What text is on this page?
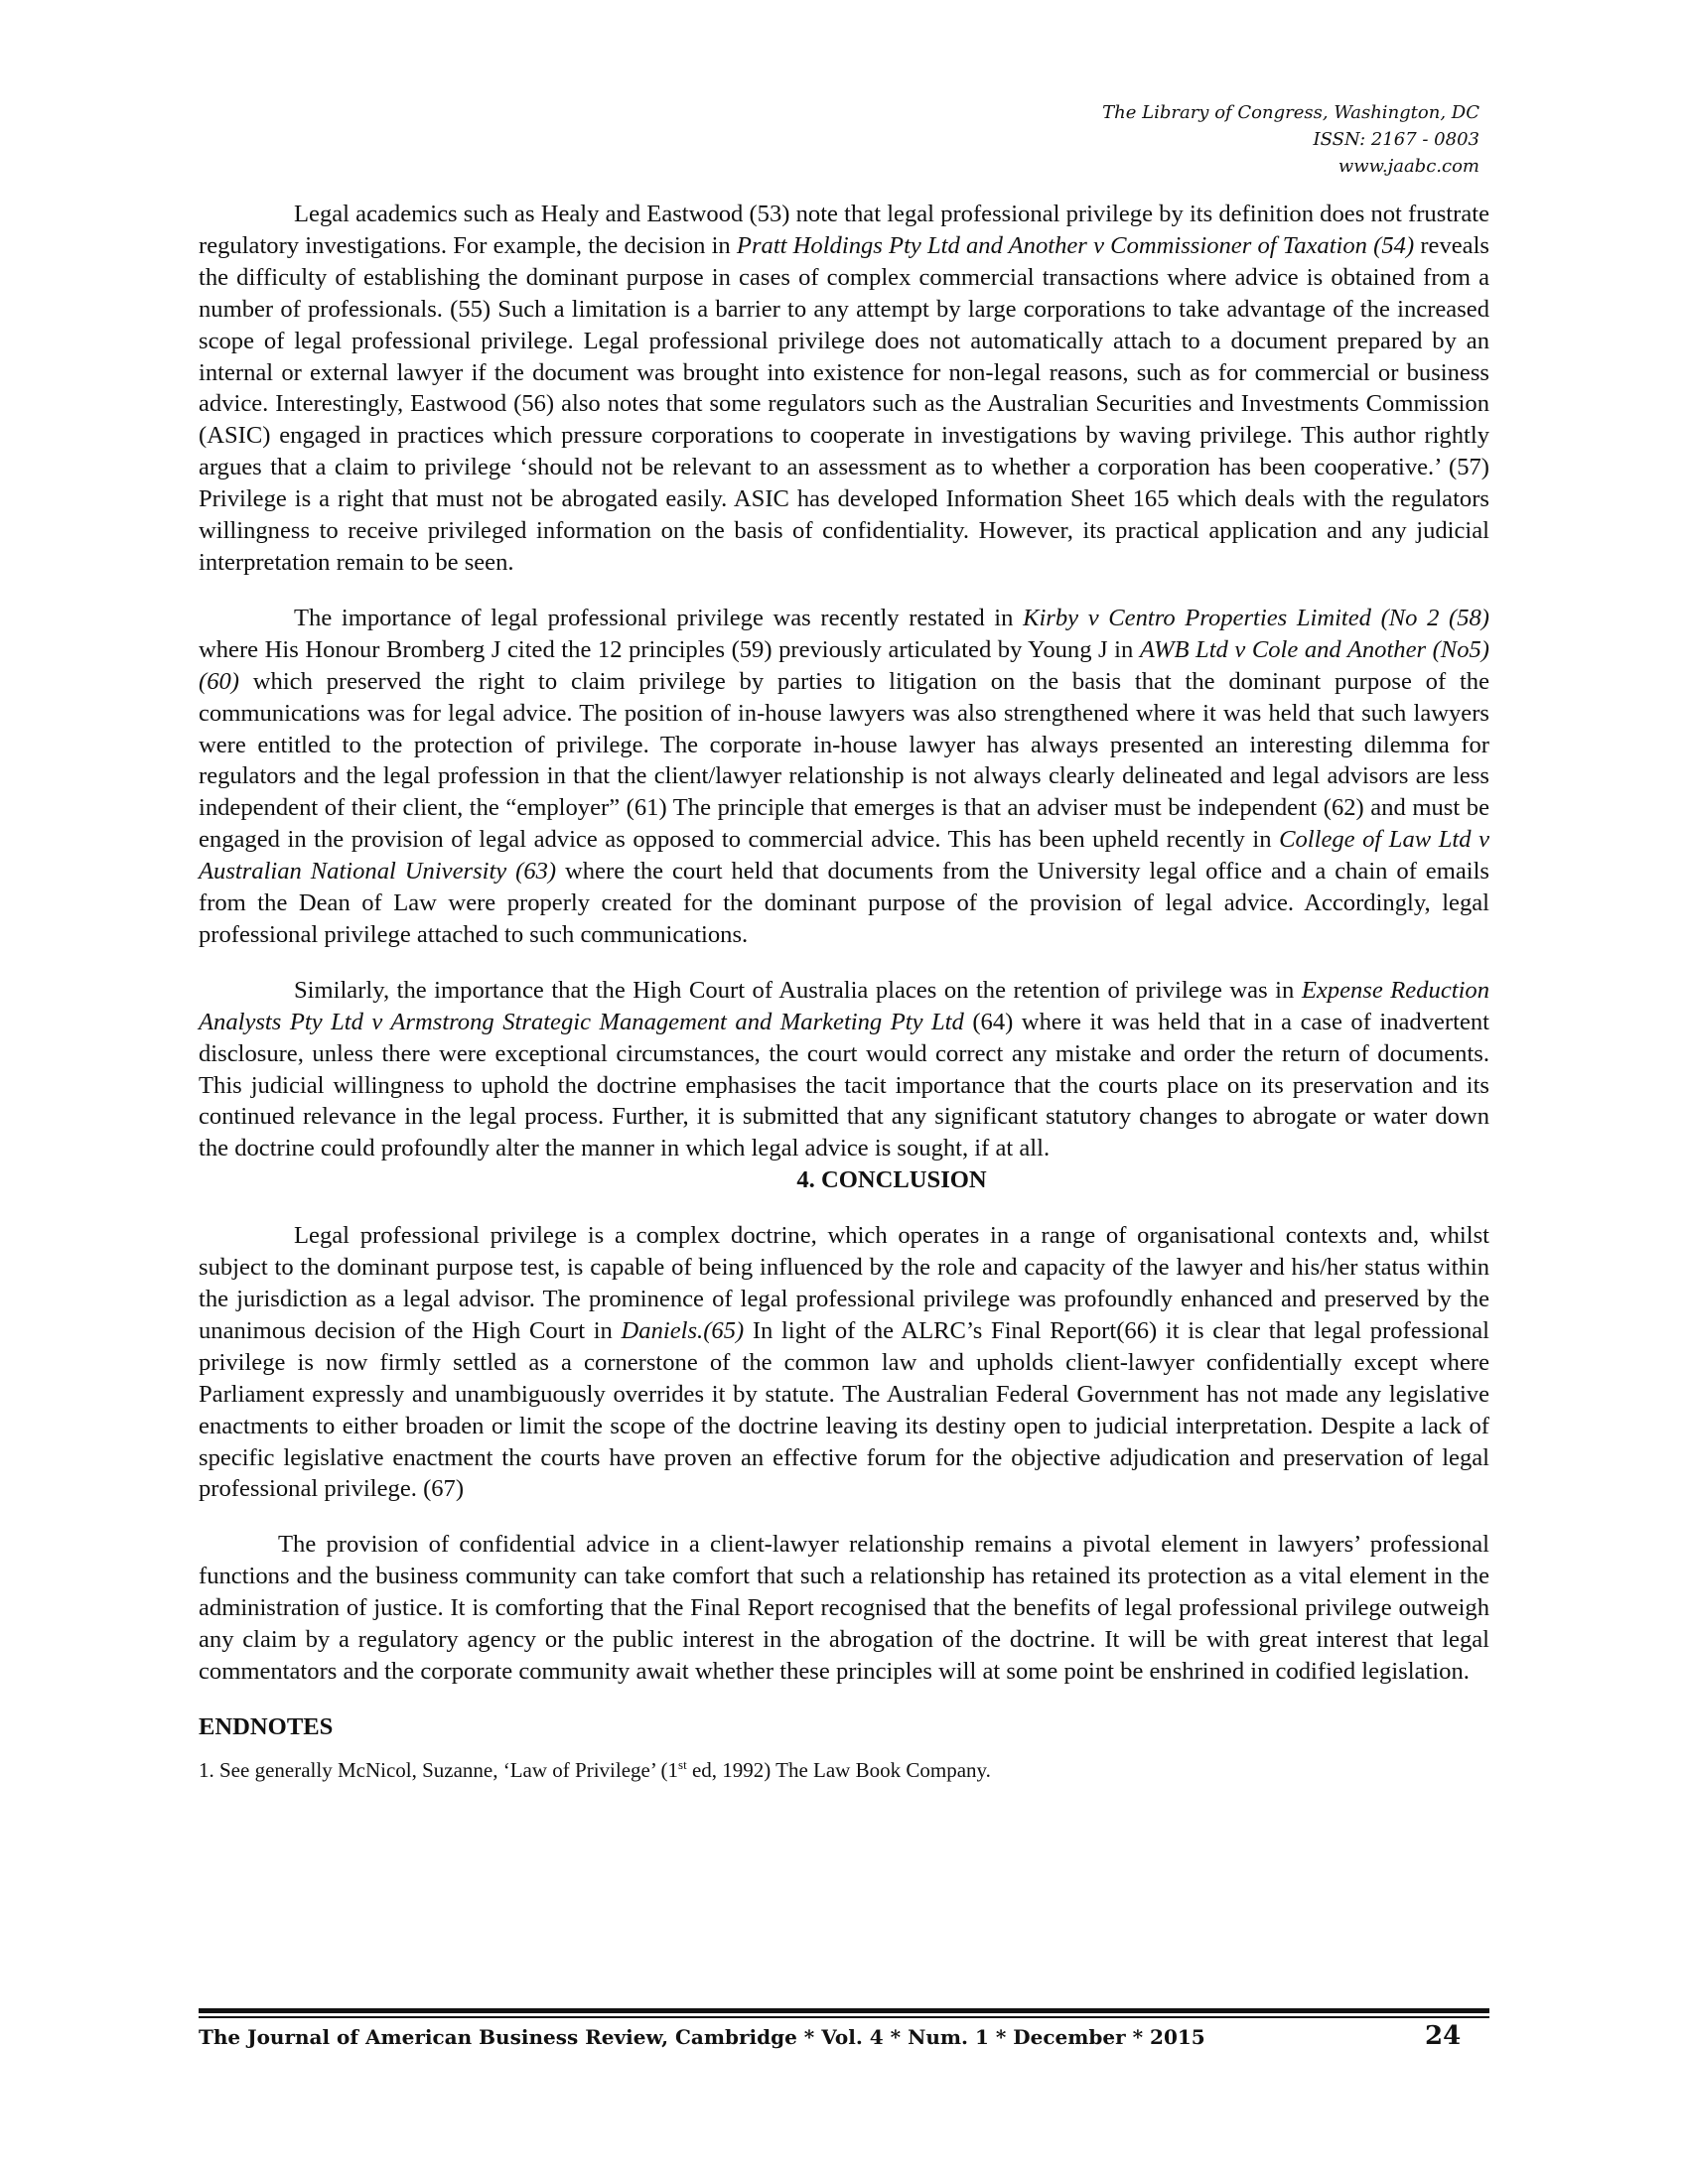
The Library of Congress, Washington, DC
ISSN: 2167 - 0803
www.jaabc.com

Legal academics such as Healy and Eastwood (53) note that legal professional privilege by its definition does not frustrate regulatory investigations. For example, the decision in Pratt Holdings Pty Ltd and Another v Commissioner of Taxation (54) reveals the difficulty of establishing the dominant purpose in cases of complex commercial transactions where advice is obtained from a number of professionals. (55) Such a limitation is a barrier to any attempt by large corporations to take advantage of the increased scope of legal professional privilege. Legal professional privilege does not automatically attach to a document prepared by an internal or external lawyer if the document was brought into existence for non-legal reasons, such as for commercial or business advice. Interestingly, Eastwood (56) also notes that some regulators such as the Australian Securities and Investments Commission (ASIC) engaged in practices which pressure corporations to cooperate in investigations by waving privilege. This author rightly argues that a claim to privilege ‘should not be relevant to an assessment as to whether a corporation has been cooperative.’ (57) Privilege is a right that must not be abrogated easily. ASIC has developed Information Sheet 165 which deals with the regulators willingness to receive privileged information on the basis of confidentiality. However, its practical application and any judicial interpretation remain to be seen.

The importance of legal professional privilege was recently restated in Kirby v Centro Properties Limited (No 2 (58) where His Honour Bromberg J cited the 12 principles (59) previously articulated by Young J in AWB Ltd v Cole and Another (No5) (60) which preserved the right to claim privilege by parties to litigation on the basis that the dominant purpose of the communications was for legal advice. The position of in-house lawyers was also strengthened where it was held that such lawyers were entitled to the protection of privilege. The corporate in-house lawyer has always presented an interesting dilemma for regulators and the legal profession in that the client/lawyer relationship is not always clearly delineated and legal advisors are less independent of their client, the “employer” (61) The principle that emerges is that an adviser must be independent (62) and must be engaged in the provision of legal advice as opposed to commercial advice. This has been upheld recently in College of Law Ltd v Australian National University (63) where the court held that documents from the University legal office and a chain of emails from the Dean of Law were properly created for the dominant purpose of the provision of legal advice. Accordingly, legal professional privilege attached to such communications.

Similarly, the importance that the High Court of Australia places on the retention of privilege was in Expense Reduction Analysts Pty Ltd v Armstrong Strategic Management and Marketing Pty Ltd (64) where it was held that in a case of inadvertent disclosure, unless there were exceptional circumstances, the court would correct any mistake and order the return of documents. This judicial willingness to uphold the doctrine emphasises the tacit importance that the courts place on its preservation and its continued relevance in the legal process. Further, it is submitted that any significant statutory changes to abrogate or water down the doctrine could profoundly alter the manner in which legal advice is sought, if at all.

4. CONCLUSION

Legal professional privilege is a complex doctrine, which operates in a range of organisational contexts and, whilst subject to the dominant purpose test, is capable of being influenced by the role and capacity of the lawyer and his/her status within the jurisdiction as a legal advisor. The prominence of legal professional privilege was profoundly enhanced and preserved by the unanimous decision of the High Court in Daniels.(65) In light of the ALRC’s Final Report(66) it is clear that legal professional privilege is now firmly settled as a cornerstone of the common law and upholds client-lawyer confidentially except where Parliament expressly and unambiguously overrides it by statute. The Australian Federal Government has not made any legislative enactments to either broaden or limit the scope of the doctrine leaving its destiny open to judicial interpretation. Despite a lack of specific legislative enactment the courts have proven an effective forum for the objective adjudication and preservation of legal professional privilege. (67)

The provision of confidential advice in a client-lawyer relationship remains a pivotal element in lawyers’ professional functions and the business community can take comfort that such a relationship has retained its protection as a vital element in the administration of justice. It is comforting that the Final Report recognised that the benefits of legal professional privilege outweigh any claim by a regulatory agency or the public interest in the abrogation of the doctrine. It will be with great interest that legal commentators and the corporate community await whether these principles will at some point be enshrined in codified legislation.

ENDNOTES

1. See generally McNicol, Suzanne, ‘Law of Privilege’ (1st ed, 1992) The Law Book Company.

The Journal of American Business Review, Cambridge * Vol. 4 * Num. 1 * December * 2015	24
